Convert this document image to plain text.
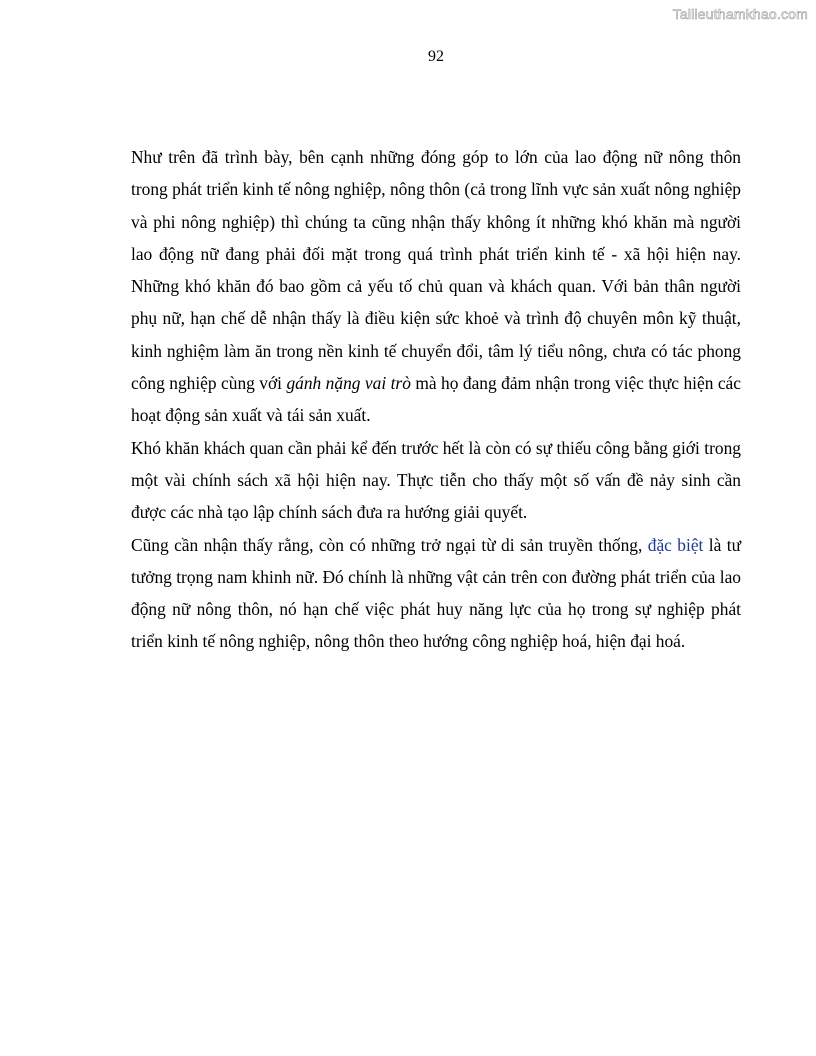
Tailieuthamkhao.com
92

Như trên đã trình bày, bên cạnh những đóng góp to lớn của lao động nữ nông thôn trong phát triển kinh tế nông nghiệp, nông thôn (cả trong lĩnh vực sản xuất nông nghiệp và phi nông nghiệp) thì chúng ta cũng nhận thấy không ít những khó khăn mà người lao động nữ đang phải đối mặt trong quá trình phát triển kinh tế - xã hội hiện nay. Những khó khăn đó bao gồm cả yếu tố chủ quan và khách quan. Với bản thân người phụ nữ, hạn chế dễ nhận thấy là điều kiện sức khoẻ và trình độ chuyên môn kỹ thuật, kinh nghiệm làm ăn trong nền kinh tế chuyển đổi, tâm lý tiểu nông, chưa có tác phong công nghiệp cùng với gánh nặng vai trò mà họ đang đảm nhận trong việc thực hiện các hoạt động sản xuất và tái sản xuất.

Khó khăn khách quan cần phải kể đến trước hết là còn có sự thiếu công bằng giới trong một vài chính sách xã hội hiện nay. Thực tiễn cho thấy một số vấn đề nảy sinh cần được các nhà tạo lập chính sách đưa ra hướng giải quyết.

Cũng cần nhận thấy rằng, còn có những trở ngại từ di sản truyền thống, đặc biệt là tư tưởng trọng nam khinh nữ. Đó chính là những vật cản trên con đường phát triển của lao động nữ nông thôn, nó hạn chế việc phát huy năng lực của họ trong sự nghiệp phát triển kinh tế nông nghiệp, nông thôn theo hướng công nghiệp hoá, hiện đại hoá.
